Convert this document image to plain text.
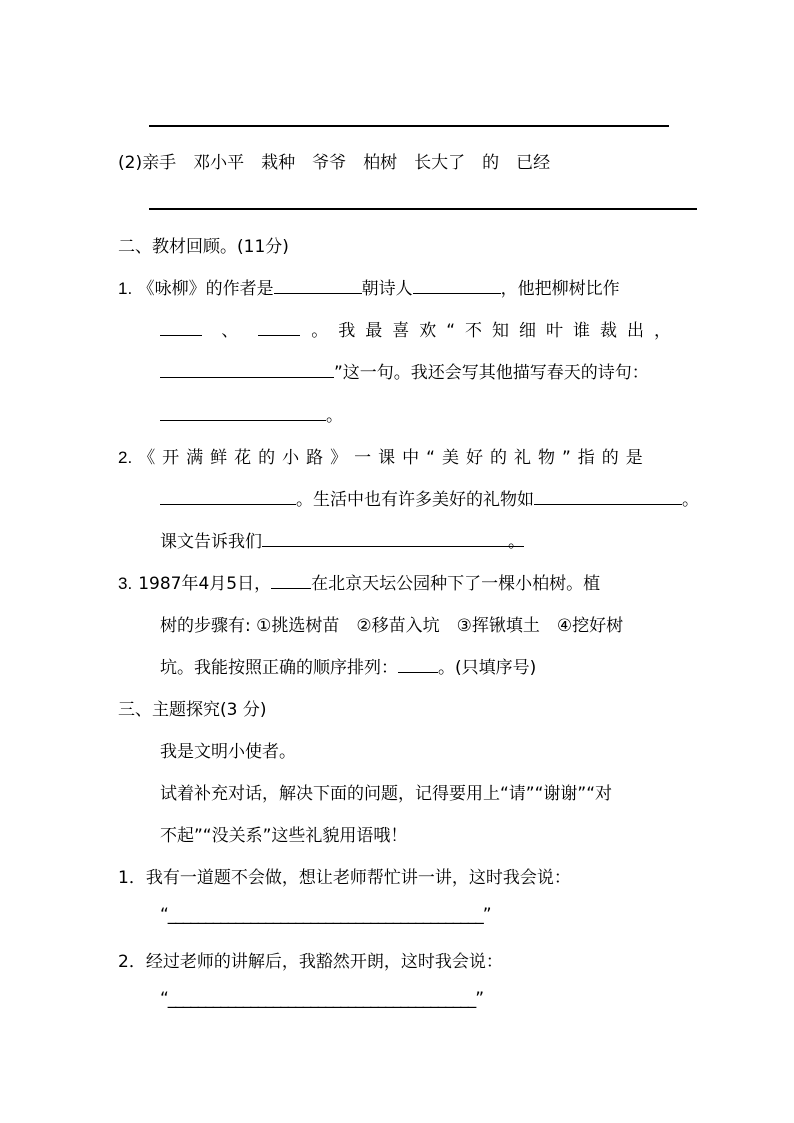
(2)亲手　邓小平　栽种　爷爷　柏树　长大了　的　已经
二、教材回顾。(11分)
1. 《咏柳》的作者是	朝诗人	，他把柳树比作
、	。我最喜欢“不知细叶谁裁出，
”这一句。我还会写其他描写春天的诗句：
。
2. 《开满鲜花的小路》一课中“美好的礼物”指的是
。生活中也有许多美好的礼物如	。
课文告诉我们	。
3. 1987年4月5日， 在北京天坛公园种下了一棵小柏树。植
树的步骤有: ①挑选树苗　②移苗入坑　③挥锹填土　④挖好树
坑。我能按照正确的顺序排列： 。(只填序号)
三、主题探究(3 分)
我是文明小使者。
试着补充对话，解决下面的问题，记得要用上“请”“谢谢”“对
不起”“没关系”这些礼貌用语哦！
1．我有一道题不会做，想让老师帮忙讲一讲，这时我会说：
“__________________________________________”
2．经过老师的讲解后，我豁然开朗，这时我会说：
“_________________________________________”
